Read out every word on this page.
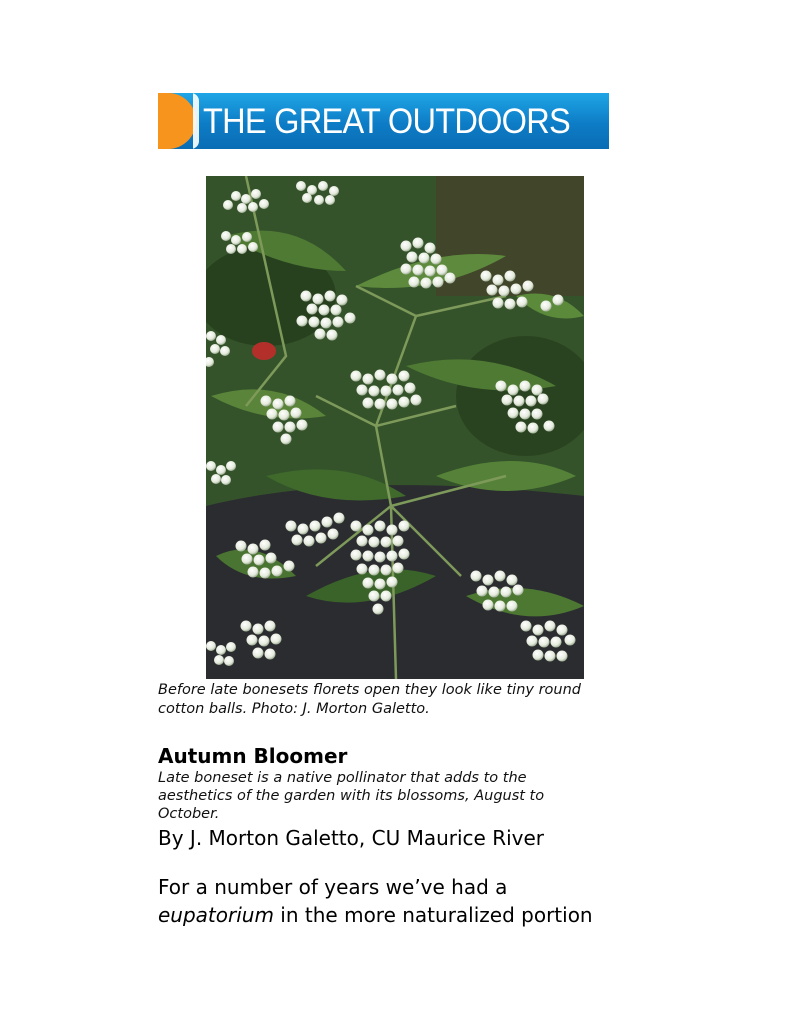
THE GREAT OUTDOORS
Before late bonesets florets open they look like tiny round cotton balls. Photo: J. Morton Galetto.
Autumn Bloomer
Late boneset is a native pollinator that adds to the aesthetics of the garden with its blossoms, August to October.
By J. Morton Galetto, CU Maurice River
For a number of years we’ve had a eupatorium in the more naturalized portion
